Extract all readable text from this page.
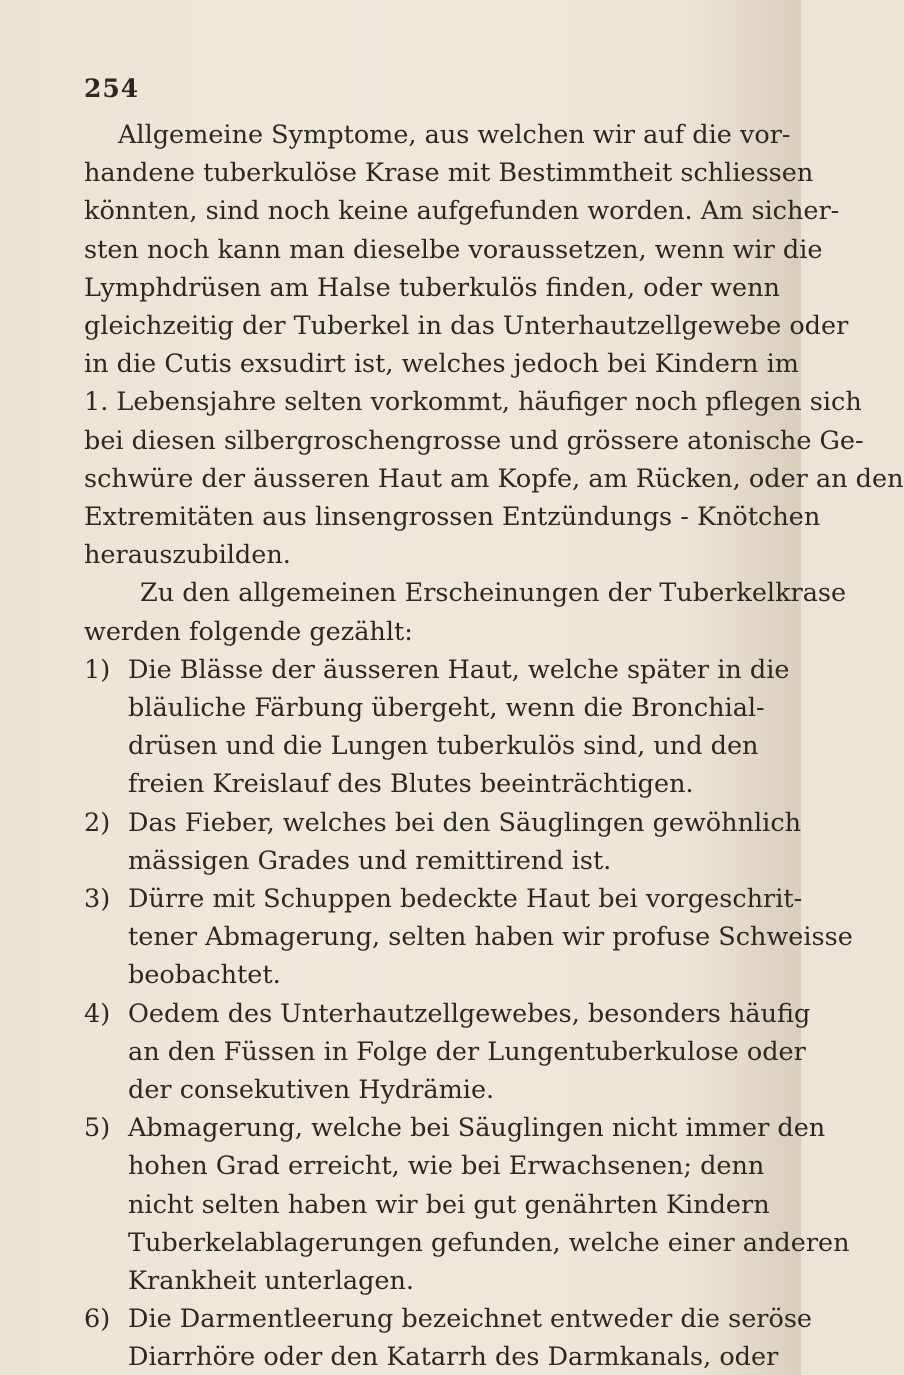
254
Allgemeine Symptome, aus welchen wir auf die vor-
handene tuberkulöse Krase mit Bestimmtheit schliessen
könnten, sind noch keine aufgefunden worden. Am sicher-
sten noch kann man dieselbe voraussetzen, wenn wir die
Lymphdrüsen am Halse tuberkulös finden, oder wenn
gleichzeitig der Tuberkel in das Unterhautzellgewebe oder
in die Cutis exsudirt ist, welches jedoch bei Kindern im
1. Lebensjahre selten vorkommt, häufiger noch pflegen sich
bei diesen silbergroschengrosse und grössere atonische Ge-
schwüre der äusseren Haut am Kopfe, am Rücken, oder an den
Extremitäten aus linsengrossen Entzündungs - Knötchen
herauszubilden.
Zu den allgemeinen Erscheinungen der Tuberkelkrase
werden folgende gezählt:
1) Die Blässe der äusseren Haut, welche später in die
bläuliche Färbung übergeht, wenn die Bronchial-
drüsen und die Lungen tuberkulös sind, und den
freien Kreislauf des Blutes beeinträchtigen.
2) Das Fieber, welches bei den Säuglingen gewöhnlich
mässigen Grades und remittirend ist.
3) Dürre mit Schuppen bedeckte Haut bei vorgeschrit-
tener Abmagerung, selten haben wir profuse Schweisse
beobachtet.
4) Oedem des Unterhautzellgewebes, besonders häufig
an den Füssen in Folge der Lungentuberkulose oder
der consekutiven Hydrämie.
5) Abmagerung, welche bei Säuglingen nicht immer den
hohen Grad erreicht, wie bei Erwachsenen; denn
nicht selten haben wir bei gut genährten Kindern
Tuberkelablagerungen gefunden, welche einer anderen
Krankheit unterlagen.
6) Die Darmentleerung bezeichnet entweder die seröse
Diarrhöre oder den Katarrh des Darmkanals, oder
